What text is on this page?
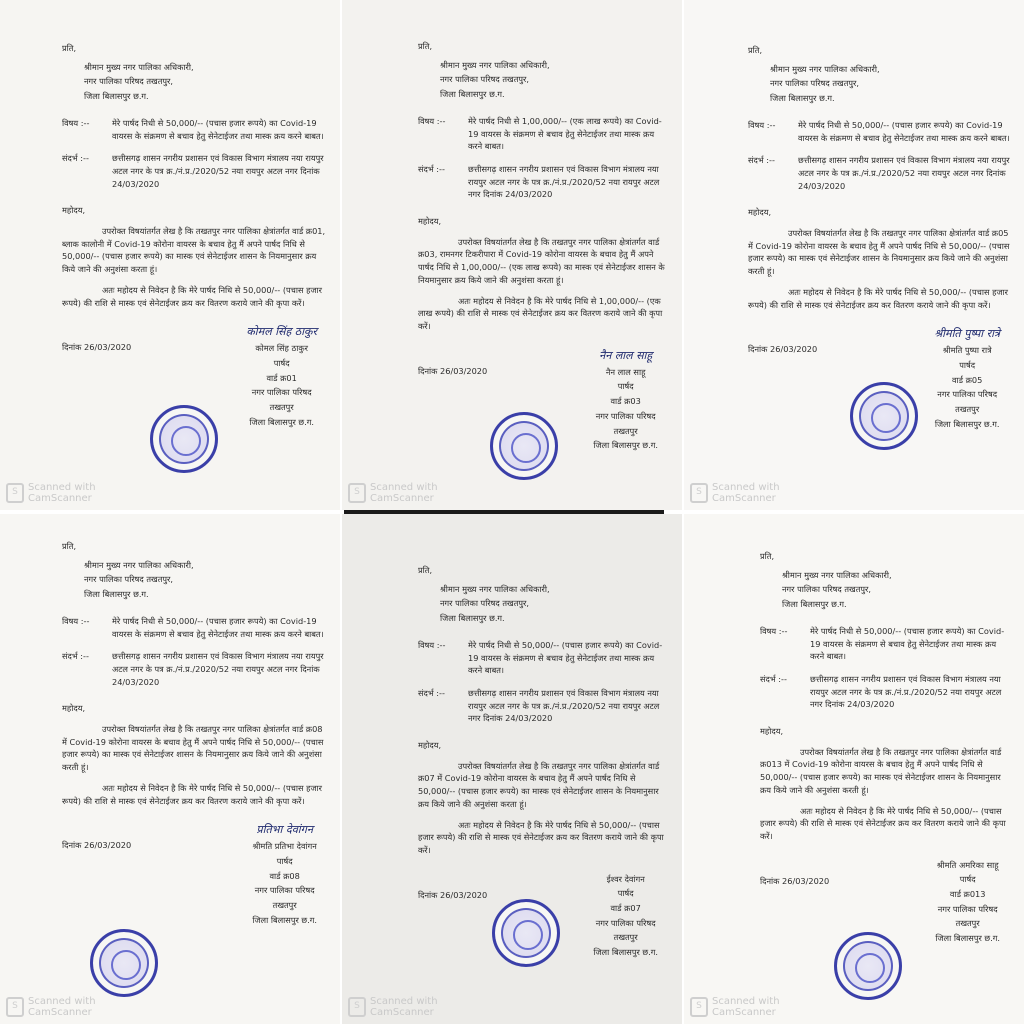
प्रति,

श्रीमान मुख्य नगर पालिका अधिकारी,
नगर पालिका परिषद तखतपुर,
जिला बिलासपुर छ.ग.
विषय :--	मेरे पार्षद निधी से 50,000/-- (पचास हजार रूपये) का Covid-19 वायरस के संक्रमण से बचाव हेतु सेनेटाईजर तथा मास्क क्रय करने बाबत।
संदर्भ :--	छत्तीसगढ़ शासन नगरीय प्रशासन एवं विकास विभाग मंत्रालय नया रायपुर अटल नगर के पत्र क्र./नं.प्र./2020/52 नया रायपुर अटल नगर दिनांक 24/03/2020
महोदय,
उपरोक्त विषयांतर्गत लेख है कि तखतपुर नगर पालिका क्षेत्रांतर्गत वार्ड क्र01, ब्लाक कालोनी में Covid-19 कोरोना वायरस के बचाव हेतु मैं अपने पार्षद निधि से 50,000/-- (पचास हजार रूपये) का मास्क एवं सेनेटाईजर शासन के नियमानुसार क्रय किये जाने की अनुशंसा करता हूं।
अतः महोदय से निवेदन है कि मेरे पार्षद निधि से 50,000/-- (पचास हजार रूपये) की राशि से मास्क एवं सेनेटाईजर क्रय कर वितरण कराये जाने की कृपा करें।
दिनांक 26/03/2020
कोमल सिंह ठाकुर
कोमल सिंह ठाकुर
पार्षद
वार्ड क्र01
नगर पालिका परिषद
तखतपुर
जिला बिलासपुर छ.ग.
S	Scanned with
CamScanner

प्रति,

श्रीमान मुख्य नगर पालिका अधिकारी,
नगर पालिका परिषद तखतपुर,
जिला बिलासपुर छ.ग.
विषय :--	मेरे पार्षद निधी से 1,00,000/-- (एक लाख रूपये) का Covid-19 वायरस के संक्रमण से बचाव हेतु सेनेटाईजर तथा मास्क क्रय करने बाबत।
संदर्भ :--	छत्तीसगढ़ शासन नगरीय प्रशासन एवं विकास विभाग मंत्रालय नया रायपुर अटल नगर के पत्र क्र./नं.प्र./2020/52 नया रायपुर अटल नगर दिनांक 24/03/2020
महोदय,
उपरोक्त विषयांतर्गत लेख है कि तखतपुर नगर पालिका क्षेत्रांतर्गत वार्ड क्र03, रामनगर टिकरीपारा में Covid-19 कोरोना वायरस के बचाव हेतु मैं अपने पार्षद निधि से 1,00,000/-- (एक लाख रूपये) का मास्क एवं सेनेटाईजर शासन के नियमानुसार क्रय किये जाने की अनुशंसा करता हूं।
अतः महोदय से निवेदन है कि मेरे पार्षद निधि से 1,00,000/-- (एक लाख रूपये) की राशि से मास्क एवं सेनेटाईजर क्रय कर वितरण कराये जाने की कृपा करें।
दिनांक 26/03/2020
नैन लाल साहू
नैन लाल साहू
पार्षद
वार्ड क्र03
नगर पालिका परिषद
तखतपुर
जिला बिलासपुर छ.ग.
S	Scanned with
CamScanner

प्रति,

श्रीमान मुख्य नगर पालिका अधिकारी,
नगर पालिका परिषद तखतपुर,
जिला बिलासपुर छ.ग.
विषय :--	मेरे पार्षद निधी से 50,000/-- (पचास हजार रूपये) का Covid-19 वायरस के संक्रमण से बचाव हेतु सेनेटाईजर तथा मास्क क्रय करने बाबत।
संदर्भ :--	छत्तीसगढ़ शासन नगरीय प्रशासन एवं विकास विभाग मंत्रालय नया रायपुर अटल नगर के पत्र क्र./नं.प्र./2020/52 नया रायपुर अटल नगर दिनांक 24/03/2020
महोदय,
उपरोक्त विषयांतर्गत लेख है कि तखतपुर नगर पालिका क्षेत्रांतर्गत वार्ड क्र05 में Covid-19 कोरोना वायरस के बचाव हेतु मैं अपने पार्षद निधि से 50,000/-- (पचास हजार रूपये) का मास्क एवं सेनेटाईजर शासन के नियमानुसार क्रय किये जाने की अनुशंसा करती हूं।
अतः महोदय से निवेदन है कि मेरे पार्षद निधि से 50,000/-- (पचास हजार रूपये) की राशि से मास्क एवं सेनेटाईजर क्रय कर वितरण कराये जाने की कृपा करें।
दिनांक 26/03/2020
श्रीमति पुष्पा रात्रे
श्रीमति पुष्पा रात्रे
पार्षद
वार्ड क्र05
नगर पालिका परिषद
तखतपुर
जिला बिलासपुर छ.ग.
S	Scanned with
CamScanner

प्रति,

श्रीमान मुख्य नगर पालिका अधिकारी,
नगर पालिका परिषद तखतपुर,
जिला बिलासपुर छ.ग.
विषय :--	मेरे पार्षद निधी से 50,000/-- (पचास हजार रूपये) का Covid-19 वायरस के संक्रमण से बचाव हेतु सेनेटाईजर तथा मास्क क्रय करने बाबत।
संदर्भ :--	छत्तीसगढ़ शासन नगरीय प्रशासन एवं विकास विभाग मंत्रालय नया रायपुर अटल नगर के पत्र क्र./नं.प्र./2020/52 नया रायपुर अटल नगर दिनांक 24/03/2020
महोदय,
उपरोक्त विषयांतर्गत लेख है कि तखतपुर नगर पालिका क्षेत्रांतर्गत वार्ड क्र08 में Covid-19 कोरोना वायरस के बचाव हेतु मैं अपने पार्षद निधि से 50,000/-- (पचास हजार रूपये) का मास्क एवं सेनेटाईजर शासन के नियमानुसार क्रय किये जाने की अनुशंसा करती हूं।
अतः महोदय से निवेदन है कि मेरे पार्षद निधि से 50,000/-- (पचास हजार रूपये) की राशि से मास्क एवं सेनेटाईजर क्रय कर वितरण कराये जाने की कृपा करें।
दिनांक 26/03/2020
प्रतिभा देवांगन
श्रीमति प्रतिभा देवांगन
पार्षद
वार्ड क्र08
नगर पालिका परिषद
तखतपुर
जिला बिलासपुर छ.ग.
S	Scanned with
CamScanner

प्रति,

श्रीमान मुख्य नगर पालिका अधिकारी,
नगर पालिका परिषद तखतपुर,
जिला बिलासपुर छ.ग.
विषय :--	मेरे पार्षद निधी से 50,000/-- (पचास हजार रूपये) का Covid-19 वायरस के संक्रमण से बचाव हेतु सेनेटाईजर तथा मास्क क्रय करने बाबत।
संदर्भ :--	छत्तीसगढ़ शासन नगरीय प्रशासन एवं विकास विभाग मंत्रालय नया रायपुर अटल नगर के पत्र क्र./नं.प्र./2020/52 नया रायपुर अटल नगर दिनांक 24/03/2020
महोदय,
उपरोक्त विषयांतर्गत लेख है कि तखतपुर नगर पालिका क्षेत्रांतर्गत वार्ड क्र07 में Covid-19 कोरोना वायरस के बचाव हेतु मैं अपने पार्षद निधि से 50,000/-- (पचास हजार रूपये) का मास्क एवं सेनेटाईजर शासन के नियमानुसार क्रय किये जाने की अनुशंसा करता हूं।
अतः महोदय से निवेदन है कि मेरे पार्षद निधि से 50,000/-- (पचास हजार रूपये) की राशि से मास्क एवं सेनेटाईजर क्रय कर वितरण कराये जाने की कृपा करें।
दिनांक 26/03/2020
ईश्वर देवांगन
पार्षद
वार्ड क्र07
नगर पालिका परिषद
तखतपुर
जिला बिलासपुर छ.ग.
S	Scanned with
CamScanner

प्रति,

श्रीमान मुख्य नगर पालिका अधिकारी,
नगर पालिका परिषद तखतपुर,
जिला बिलासपुर छ.ग.
विषय :--	मेरे पार्षद निधी से 50,000/-- (पचास हजार रूपये) का Covid-19 वायरस के संक्रमण से बचाव हेतु सेनेटाईजर तथा मास्क क्रय करने बाबत।
संदर्भ :--	छत्तीसगढ़ शासन नगरीय प्रशासन एवं विकास विभाग मंत्रालय नया रायपुर अटल नगर के पत्र क्र./नं.प्र./2020/52 नया रायपुर अटल नगर दिनांक 24/03/2020
महोदय,
उपरोक्त विषयांतर्गत लेख है कि तखतपुर नगर पालिका क्षेत्रांतर्गत वार्ड क्र013 में Covid-19 कोरोना वायरस के बचाव हेतु मैं अपने पार्षद निधि से 50,000/-- (पचास हजार रूपये) का मास्क एवं सेनेटाईजर शासन के नियमानुसार क्रय किये जाने की अनुशंसा करती हूं।
अतः महोदय से निवेदन है कि मेरे पार्षद निधि से 50,000/-- (पचास हजार रूपये) की राशि से मास्क एवं सेनेटाईजर क्रय कर वितरण कराये जाने की कृपा करें।
दिनांक 26/03/2020
श्रीमति अमरिका साहू
पार्षद
वार्ड क्र013
नगर पालिका परिषद
तखतपुर
जिला बिलासपुर छ.ग.
S	Scanned with
CamScanner
